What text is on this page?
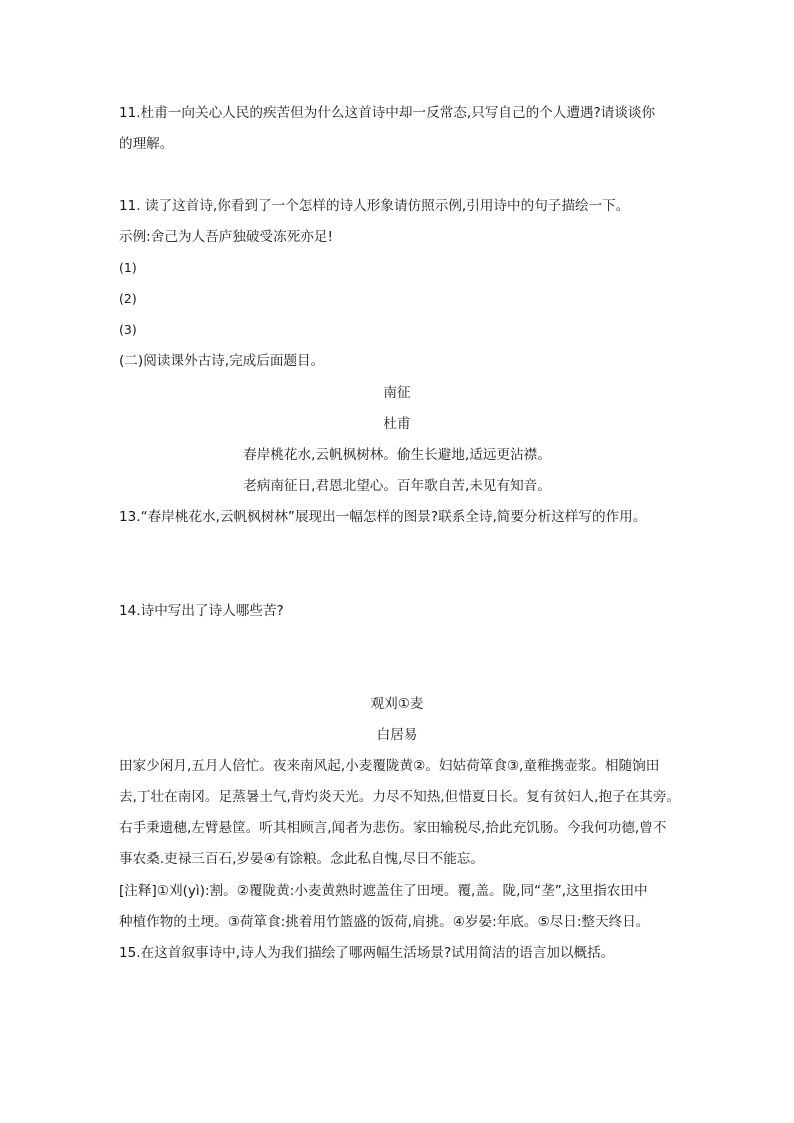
11.杜甫一向关心人民的疾苦但为什么这首诗中却一反常态,只写自己的个人遭遇?请谈谈你
的理解。
11. 读了这首诗,你看到了一个怎样的诗人形象请仿照示例,引用诗中的句子描绘一下。
示例:舍己为人吾庐独破受冻死亦足!
(1)
(2)
(3)
(二)阅读课外古诗,完成后面题目。
南征
杜甫
春岸桃花水,云帆枫树林。偷生长避地,适远更沾襟。
老病南征日,君恩北望心。百年歌自苦,未见有知音。
13.“春岸桃花水,云帆枫树林”展现出一幅怎样的图景?联系全诗,简要分析这样写的作用。
14.诗中写出了诗人哪些苦?
观刈①麦
白居易
田家少闲月,五月人倍忙。夜来南风起,小麦覆陇黄②。妇姑荷箪食③,童稚携壶浆。相随饷田
去,丁壮在南冈。足蒸暑土气,背灼炎天光。力尽不知热,但惜夏日长。复有贫妇人,抱子在其旁。
右手秉遗穗,左臂悬筐。听其相顾言,闻者为悲伤。家田输税尽,拾此充饥肠。今我何功德,曾不
事农桑.吏禄三百石,岁晏④有馀粮。念此私自愧,尽日不能忘。
[注释]①刈(yì):割。②覆陇黄:小麦黄熟时遮盖住了田埂。覆,盖。陇,同“垄”,这里指农田中
种植作物的土埂。③荷箪食:挑着用竹篮盛的饭荷,肩挑。④岁晏:年底。⑤尽日:整天终日。
15.在这首叙事诗中,诗人为我们描绘了哪两幅生活场景?试用简洁的语言加以概括。
